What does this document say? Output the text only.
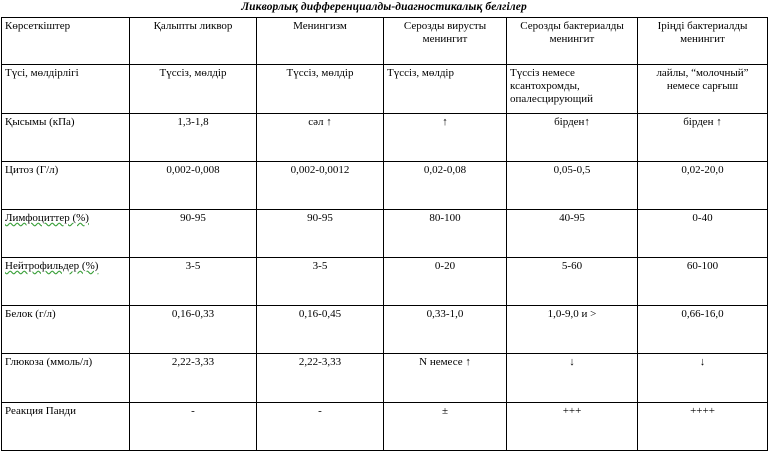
Ликворлық дифференциалды-диагностикалық белгілер
Көрсеткіштер	Қалыпты ликвор	Менингизм	Серозды вирусты менингит	Серозды бактериалды менингит	Іріңді бактериалды менингит
Түсі, мөлдірлігі	Түссіз, мөлдір	Түссіз, мөлдір	Түссіз, мөлдір	Түссіз немесе ксантохромды, опалесцирующий	лайлы, “молочный” немесе сарғыш
Қысымы (кПа)	1,3-1,8	сәл ↑	↑	бірден↑	бірден ↑
Цитоз (Г/л)	0,002-0,008	0,002-0,0012	0,02-0,08	0,05-0,5	0,02-20,0
Лимфоциттер (%)	90-95	90-95	80-100	40-95	0-40
Нейтрофильдер (%)	3-5	3-5	0-20	5-60	60-100
Белок (г/л)	0,16-0,33	0,16-0,45	0,33-1,0	1,0-9,0 и >	0,66-16,0
Глюкоза (ммоль/л)	2,22-3,33	2,22-3,33	N немесе ↑	↓	↓
Реакция Панди	-	-	±	+++	++++
